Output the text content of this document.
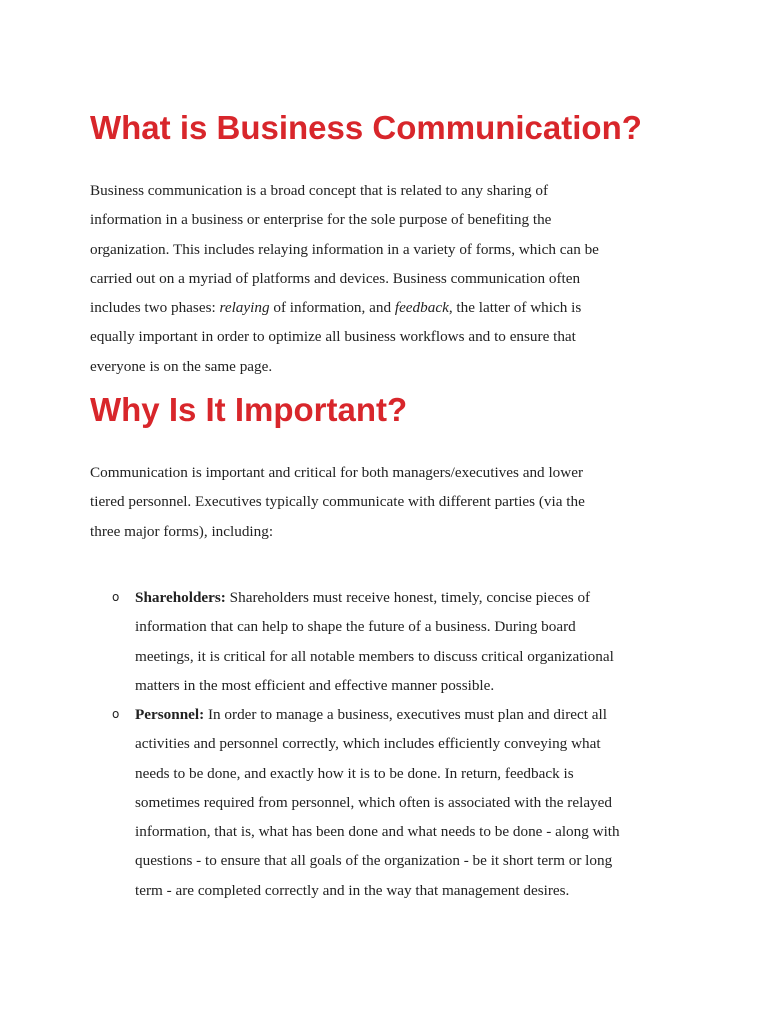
What is Business Communication?
Business communication is a broad concept that is related to any sharing of
information in a business or enterprise for the sole purpose of benefiting the
organization. This includes relaying information in a variety of forms, which can be
carried out on a myriad of platforms and devices. Business communication often
includes two phases: relaying of information, and feedback, the latter of which is
equally important in order to optimize all business workflows and to ensure that
everyone is on the same page.
Why Is It Important?
Communication is important and critical for both managers/executives and lower
tiered personnel. Executives typically communicate with different parties (via the
three major forms), including:
o Shareholders: Shareholders must receive honest, timely, concise pieces of
information that can help to shape the future of a business. During board
meetings, it is critical for all notable members to discuss critical organizational
matters in the most efficient and effective manner possible.
o Personnel: In order to manage a business, executives must plan and direct all
activities and personnel correctly, which includes efficiently conveying what
needs to be done, and exactly how it is to be done. In return, feedback is
sometimes required from personnel, which often is associated with the relayed
information, that is, what has been done and what needs to be done - along with
questions - to ensure that all goals of the organization - be it short term or long
term - are completed correctly and in the way that management desires.
